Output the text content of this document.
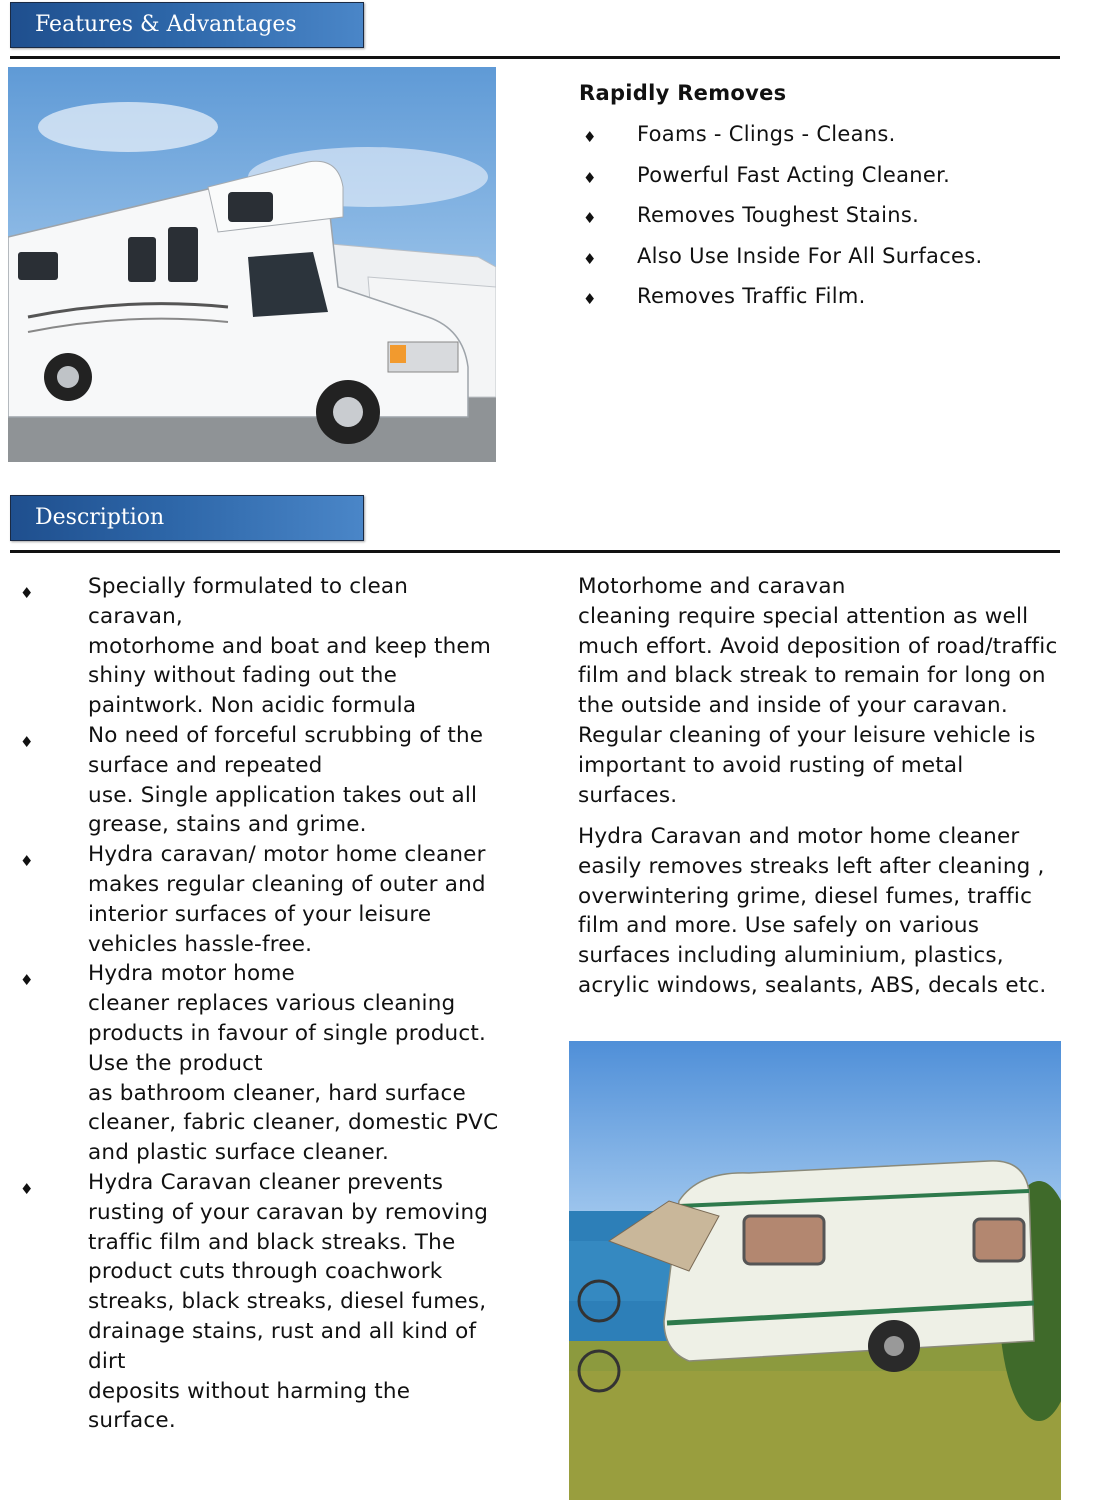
Features & Advantages
Rapidly Removes
♦ Foams - Clings - Cleans.
♦ Powerful Fast Acting Cleaner.
♦ Removes Toughest Stains.
♦ Also Use Inside For All Surfaces.
♦ Removes Traffic Film.
Description
♦	Specially formulated to clean caravan,
motorhome and boat and keep them shiny without fading out the paintwork. Non acidic formula
♦	No need of forceful scrubbing of the surface and repeated
use. Single application takes out all grease, stains and grime.
♦	Hydra caravan/ motor home cleaner makes regular cleaning of outer and interior surfaces of your leisure vehicles hassle-free.
♦	Hydra motor home
cleaner replaces various cleaning products in favour of single product. Use the product
as bathroom cleaner, hard surface cleaner, fabric cleaner, domestic PVC and plastic surface cleaner.
♦	Hydra Caravan cleaner prevents rusting of your caravan by removing traffic film and black streaks. The product cuts through coachwork streaks, black streaks, diesel fumes, drainage stains, rust and all kind of dirt
deposits without harming the surface.

Motorhome and caravan
cleaning require special attention as well much effort. Avoid deposition of road/traffic film and black streak to remain for long on the outside and inside of your caravan. Regular cleaning of your leisure vehicle is important to avoid rusting of metal surfaces.

Hydra Caravan and motor home cleaner easily removes streaks left after cleaning , overwintering grime, diesel fumes, traffic film and more. Use safely on various surfaces including aluminium, plastics, acrylic windows, sealants, ABS, decals etc.
